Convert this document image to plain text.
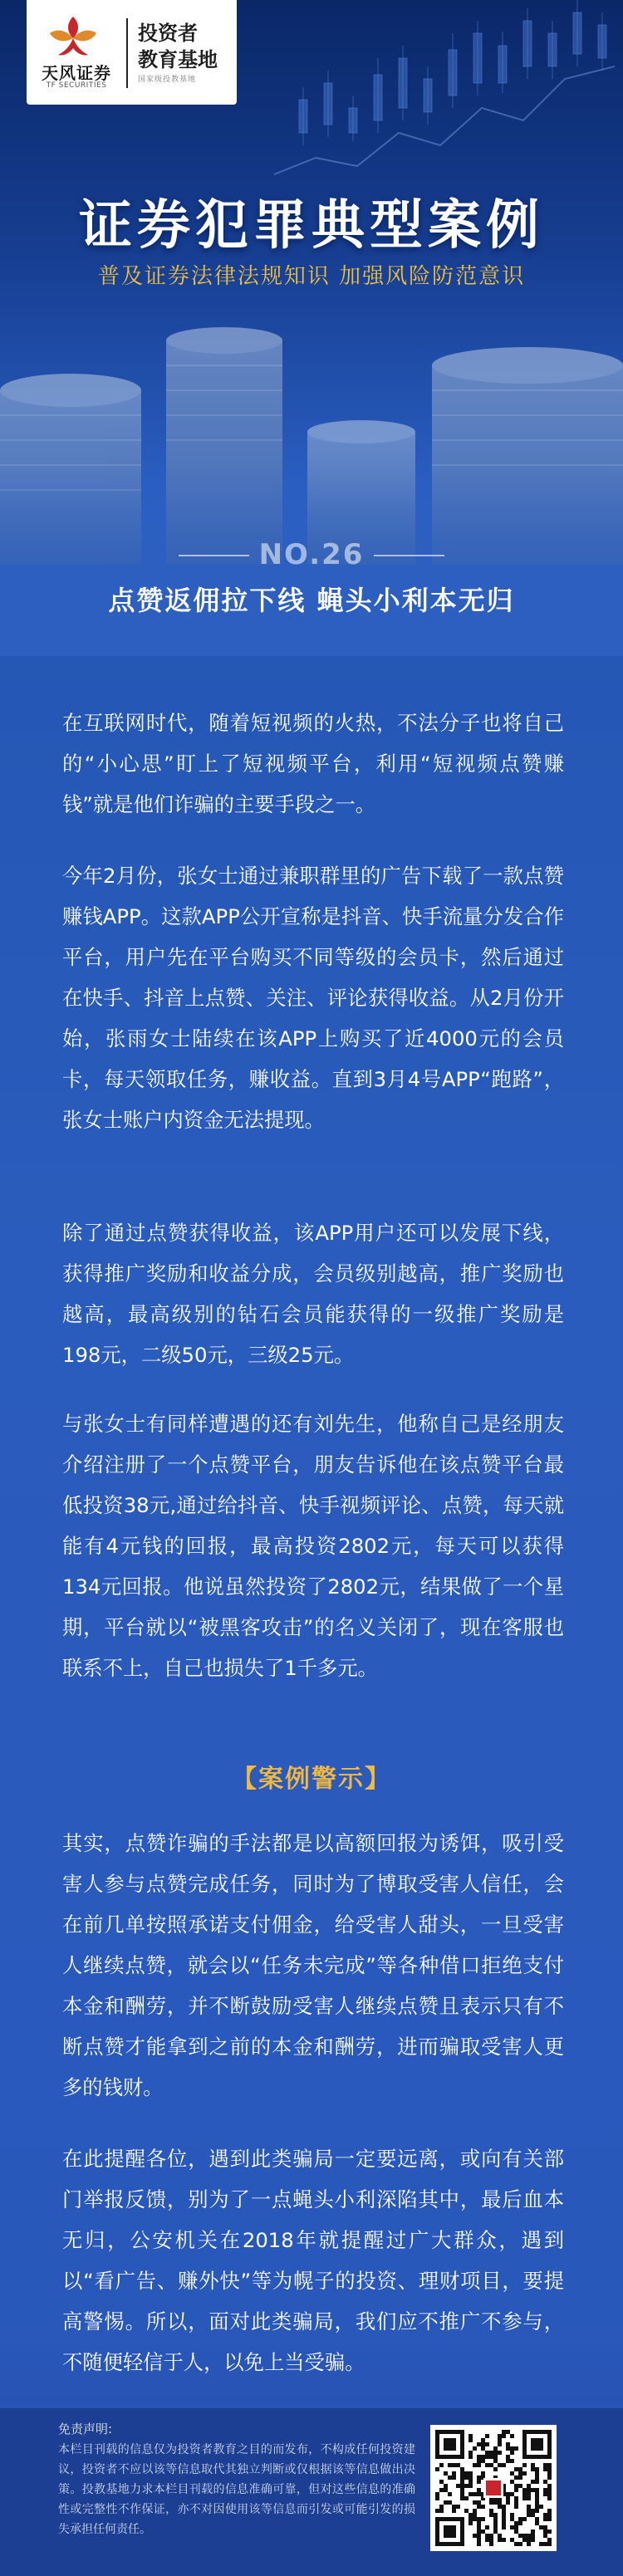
天风证券
TF SECURITIES
投资者
教育基地
国家级投教基地
证券犯罪典型案例
普及证券法律法规知识 加强风险防范意识
NO.26
点赞返佣拉下线 蝇头小利本无归

在互联网时代，随着短视频的火热，不法分子也将自己的“小心思”盯上了短视频平台，利用“短视频点赞赚钱”就是他们诈骗的主要手段之一。

今年2月份，张女士通过兼职群里的广告下载了一款点赞赚钱APP。这款APP公开宣称是抖音、快手流量分发合作平台，用户先在平台购买不同等级的会员卡，然后通过在快手、抖音上点赞、关注、评论获得收益。从2月份开始，张雨女士陆续在该APP上购买了近4000元的会员卡，每天领取任务，赚收益。直到3月4号APP“跑路”，张女士账户内资金无法提现。

除了通过点赞获得收益，该APP用户还可以发展下线，获得推广奖励和收益分成，会员级别越高，推广奖励也越高，最高级别的钻石会员能获得的一级推广奖励是198元，二级50元，三级25元。

与张女士有同样遭遇的还有刘先生，他称自己是经朋友介绍注册了一个点赞平台，朋友告诉他在该点赞平台最低投资38元,通过给抖音、快手视频评论、点赞，每天就能有4元钱的回报，最高投资2802元，每天可以获得134元回报。他说虽然投资了2802元，结果做了一个星期，平台就以“被黑客攻击”的名义关闭了，现在客服也联系不上，自己也损失了1千多元。

【案例警示】

其实，点赞诈骗的手法都是以高额回报为诱饵，吸引受害人参与点赞完成任务，同时为了博取受害人信任，会在前几单按照承诺支付佣金，给受害人甜头，一旦受害人继续点赞，就会以“任务未完成”等各种借口拒绝支付本金和酬劳，并不断鼓励受害人继续点赞且表示只有不断点赞才能拿到之前的本金和酬劳，进而骗取受害人更多的钱财。

在此提醒各位，遇到此类骗局一定要远离，或向有关部门举报反馈，别为了一点蝇头小利深陷其中，最后血本无归，公安机关在2018年就提醒过广大群众，遇到以“看广告、赚外快”等为幌子的投资、理财项目，要提高警惕。所以，面对此类骗局，我们应不推广不参与，不随便轻信于人，以免上当受骗。

免责声明:

本栏目刊载的信息仅为投资者教育之目的而发布，不构成任何投资建议，投资者不应以该等信息取代其独立判断或仅根据该等信息做出决策。投教基地力求本栏目刊载的信息准确可靠，但对这些信息的准确性或完整性不作保证，亦不对因使用该等信息而引发或可能引发的损失承担任何责任。
